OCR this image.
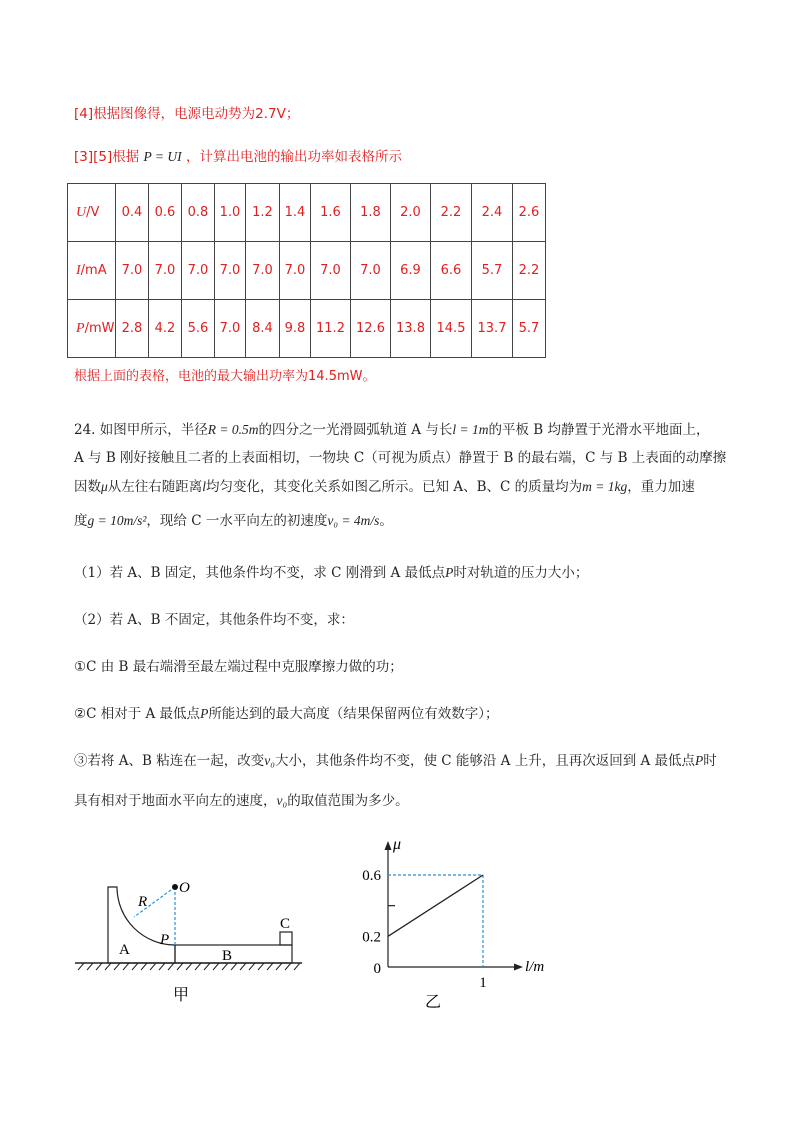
[4]根据图像得，电源电动势为2.7V；
[3][5]根据 P = UI ，计算出电池的输出功率如表格所示
U/V	0.4	0.6	0.8	1.0	1.2	1.4	1.6	1.8	2.0	2.2	2.4	2.6
I/mA	7.0	7.0	7.0	7.0	7.0	7.0	7.0	7.0	6.9	6.6	5.7	2.2
P/mW	2.8	4.2	5.6	7.0	8.4	9.8	11.2	12.6	13.8	14.5	13.7	5.7
根据上面的表格，电池的最大输出功率为14.5mW。
24. 如图甲所示，半径R = 0.5m的四分之一光滑圆弧轨道 A 与长l = 1m的平板 B 均静置于光滑水平地面上，
A 与 B 刚好接触且二者的上表面相切，一物块 C（可视为质点）静置于 B 的最右端，C 与 B 上表面的动摩擦
因数μ从左往右随距离l均匀变化，其变化关系如图乙所示。已知 A、B、C 的质量均为m = 1kg，重力加速
度g = 10m/s²，现给 C 一水平向左的初速度v₀ = 4m/s。
（1）若 A、B 固定，其他条件均不变，求 C 刚滑到 A 最低点P时对轨道的压力大小；
（2）若 A、B 不固定，其他条件均不变，求：
①C 由 B 最右端滑至最左端过程中克服摩擦力做的功；
②C 相对于 A 最低点P所能达到的最大高度（结果保留两位有效数字）；
③若将 A、B 粘连在一起，改变v₀大小，其他条件均不变，使 C 能够沿 A 上升，且再次返回到 A 最低点P时
具有相对于地面水平向左的速度，v₀的取值范围为多少。
R
O
A
P
B
C
甲
0.6
0.2
0
1
μ
l/m
乙
